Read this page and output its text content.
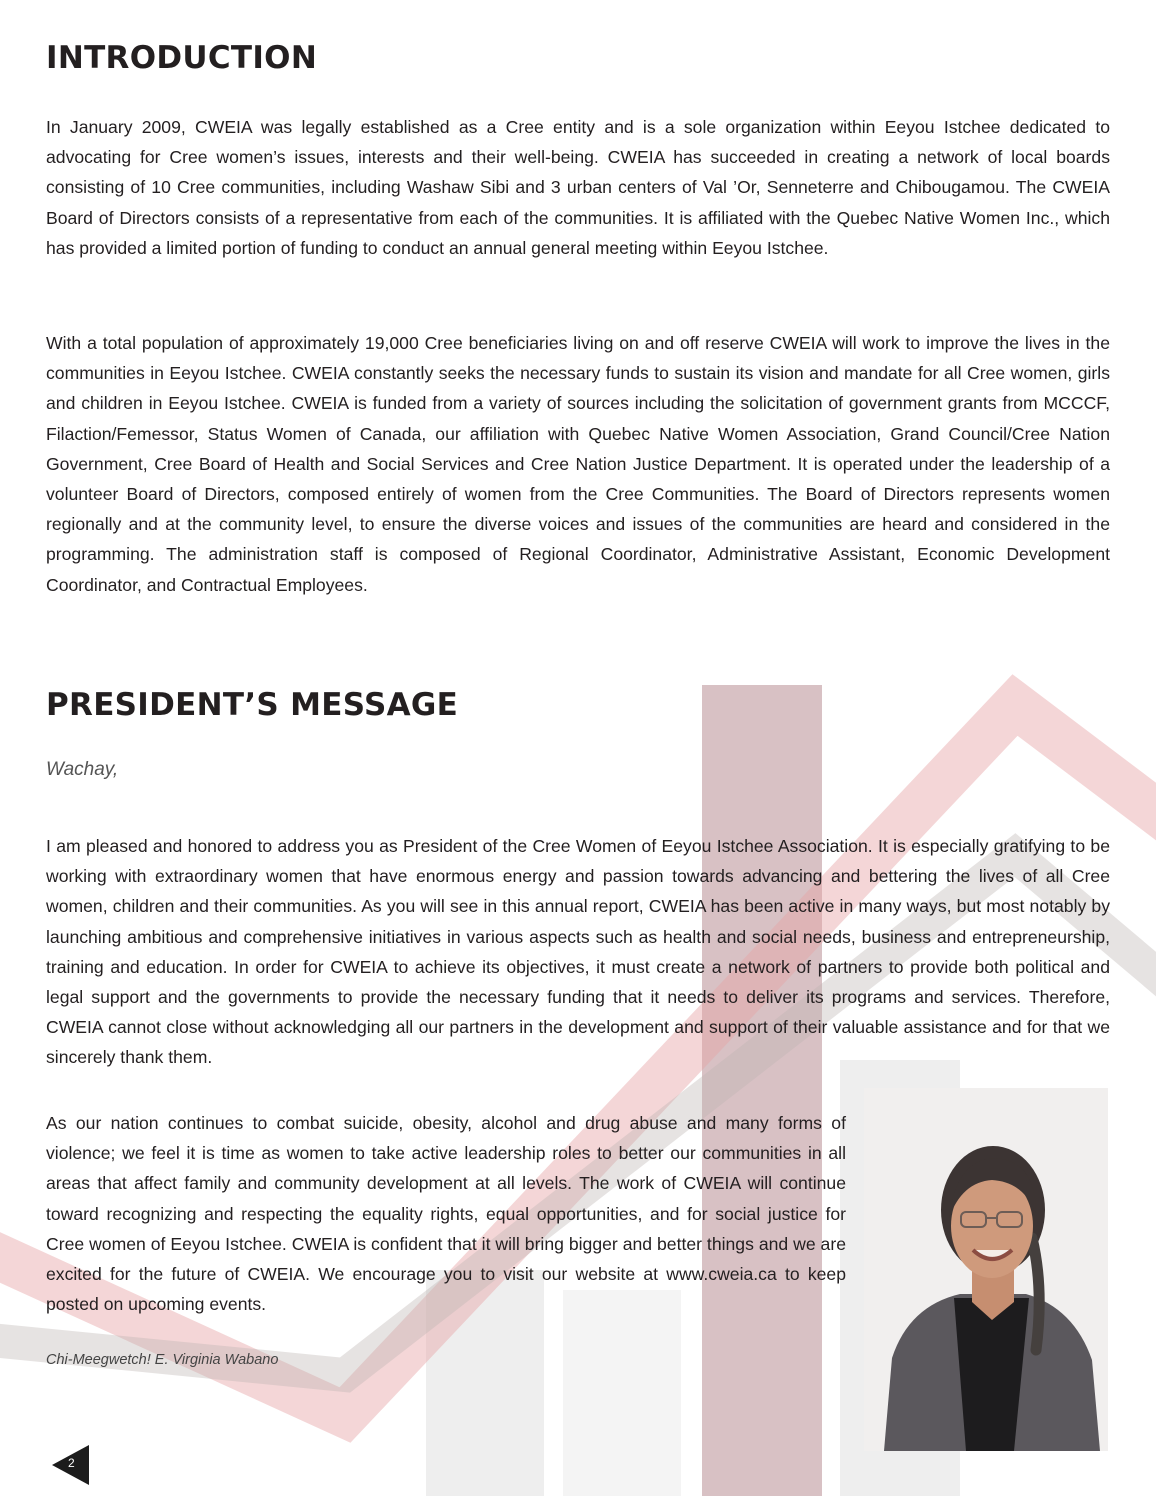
INTRODUCTION

In January 2009, CWEIA was legally established as a Cree entity and is a sole organization within Eeyou Istchee dedicated to advocating for Cree women’s issues, interests and their well-being. CWEIA has succeeded in creating a network of local boards consisting of 10 Cree communities, including Washaw Sibi and 3 urban centers of Val ’Or, Senneterre and Chibougamou. The CWEIA Board of Directors consists of a representative from each of the communities. It is affiliated with the Quebec Native Women Inc., which has provided a limited portion of funding to conduct an annual general meeting within Eeyou Istchee.

With a total population of approximately 19,000 Cree beneficiaries living on and off reserve CWEIA will work to improve the lives in the communities in Eeyou Istchee. CWEIA constantly seeks the necessary funds to sustain its vision and mandate for all Cree women, girls and children in Eeyou Istchee. CWEIA is funded from a variety of sources including the solicitation of government grants from MCCCF, Filaction/Femessor, Status Women of Canada, our affiliation with Quebec Native Women Association, Grand Council/Cree Nation Government, Cree Board of Health and Social Services and Cree Nation Justice Department. It is operated under the leadership of a volunteer Board of Directors, composed entirely of women from the Cree Communities. The Board of Directors represents women regionally and at the community level, to ensure the diverse voices and issues of the communities are heard and considered in the programming. The administration staff is composed of Regional Coordinator, Administrative Assistant, Economic Development Coordinator, and Contractual Employees.

PRESIDENT’S MESSAGE

Wachay,

I am pleased and honored to address you as President of the Cree Women of Eeyou Istchee Association. It is especially gratifying to be working with extraordinary women that have enormous energy and passion towards advancing and bettering the lives of all Cree women, children and their communities. As you will see in this annual report, CWEIA has been active in many ways, but most notably by launching ambitious and comprehensive initiatives in various aspects such as health and social needs, business and entrepreneurship, training and education. In order for CWEIA to achieve its objectives, it must create a network of partners to provide both political and legal support and the governments to provide the necessary funding that it needs to deliver its programs and services. Therefore, CWEIA cannot close without acknowledging all our partners in the development and support of their valuable assistance and for that we sincerely thank them.

As our nation continues to combat suicide, obesity, alcohol and drug abuse and many forms of violence; we feel it is time as women to take active leadership roles to better our communities in all areas that affect family and community development at all levels. The work of CWEIA will continue toward recognizing and respecting the equality rights, equal opportunities, and for social justice for Cree women of Eeyou Istchee. CWEIA is confident that it will bring bigger and better things and we are excited for the future of CWEIA. We encourage you to visit our website at www.cweia.ca to keep posted on upcoming events.

Chi-Meegwetch! E. Virginia Wabano

2
